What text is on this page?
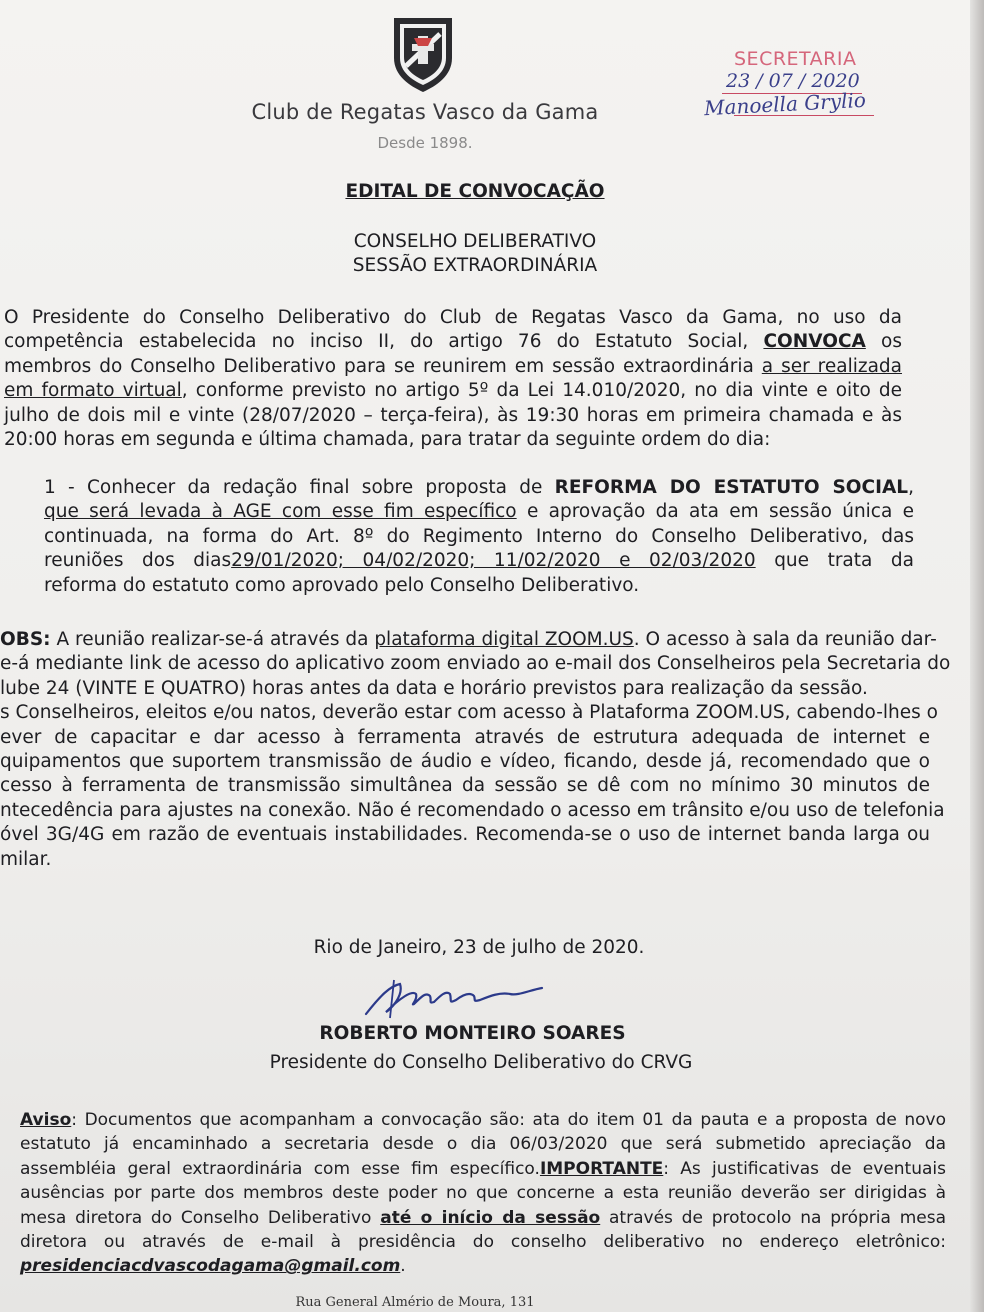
Club de Regatas Vasco da Gama
Desde 1898.
SECRETARIA
23 / 07 / 2020
Manoella Grylio
EDITAL DE CONVOCAÇÃO
CONSELHO DELIBERATIVO
SESSÃO EXTRAORDINÁRIA
O Presidente do Conselho Deliberativo do Club de Regatas Vasco da Gama, no uso da
competência estabelecida no inciso II, do artigo 76 do Estatuto Social, CONVOCA os
membros do Conselho Deliberativo para se reunirem em sessão extraordinária a ser realizada
em formato virtual, conforme previsto no artigo 5º da Lei 14.010/2020, no dia vinte e oito de
julho de dois mil e vinte (28/07/2020 – terça-feira), às 19:30 horas em primeira chamada e às
20:00 horas em segunda e última chamada, para tratar da seguinte ordem do dia:
1 - Conhecer da redação final sobre proposta de REFORMA DO ESTATUTO SOCIAL,
que será levada à AGE com esse fim específico e aprovação da ata em sessão única e
continuada, na forma do Art. 8º do Regimento Interno do Conselho Deliberativo, das
reuniões dos dias29/01/2020; 04/02/2020; 11/02/2020 e 02/03/2020 que trata da
reforma do estatuto como aprovado pelo Conselho Deliberativo.
OBS: A reunião realizar-se-á através da plataforma digital ZOOM.US. O acesso à sala da reunião dar-
e-á mediante link de acesso do aplicativo zoom enviado ao e-mail dos Conselheiros pela Secretaria do
lube 24 (VINTE E QUATRO) horas antes da data e horário previstos para realização da sessão.
s Conselheiros, eleitos e/ou natos, deverão estar com acesso à Plataforma ZOOM.US, cabendo-lhes o
ever de capacitar e dar acesso à ferramenta através de estrutura adequada de internet e
quipamentos que suportem transmissão de áudio e vídeo, ficando, desde já, recomendado que o
cesso à ferramenta de transmissão simultânea da sessão se dê com no mínimo 30 minutos de
ntecedência para ajustes na conexão. Não é recomendado o acesso em trânsito e/ou uso de telefonia
óvel 3G/4G em razão de eventuais instabilidades. Recomenda-se o uso de internet banda larga ou
milar.
Rio de Janeiro, 23 de julho de 2020.
ROBERTO MONTEIRO SOARES
Presidente do Conselho Deliberativo do CRVG
Aviso: Documentos que acompanham a convocação são: ata do item 01 da pauta e a proposta de novo
estatuto já encaminhado a secretaria desde o dia 06/03/2020 que será submetido apreciação da
assembléia geral extraordinária com esse fim específico.IMPORTANTE: As justificativas de eventuais
ausências por parte dos membros deste poder no que concerne a esta reunião deverão ser dirigidas à
mesa diretora do Conselho Deliberativo até o início da sessão através de protocolo na própria mesa
diretora ou através de e-mail à presidência do conselho deliberativo no endereço eletrônico:
presidenciacdvascodagama@gmail.com.
Rua General Almério de Moura, 131
